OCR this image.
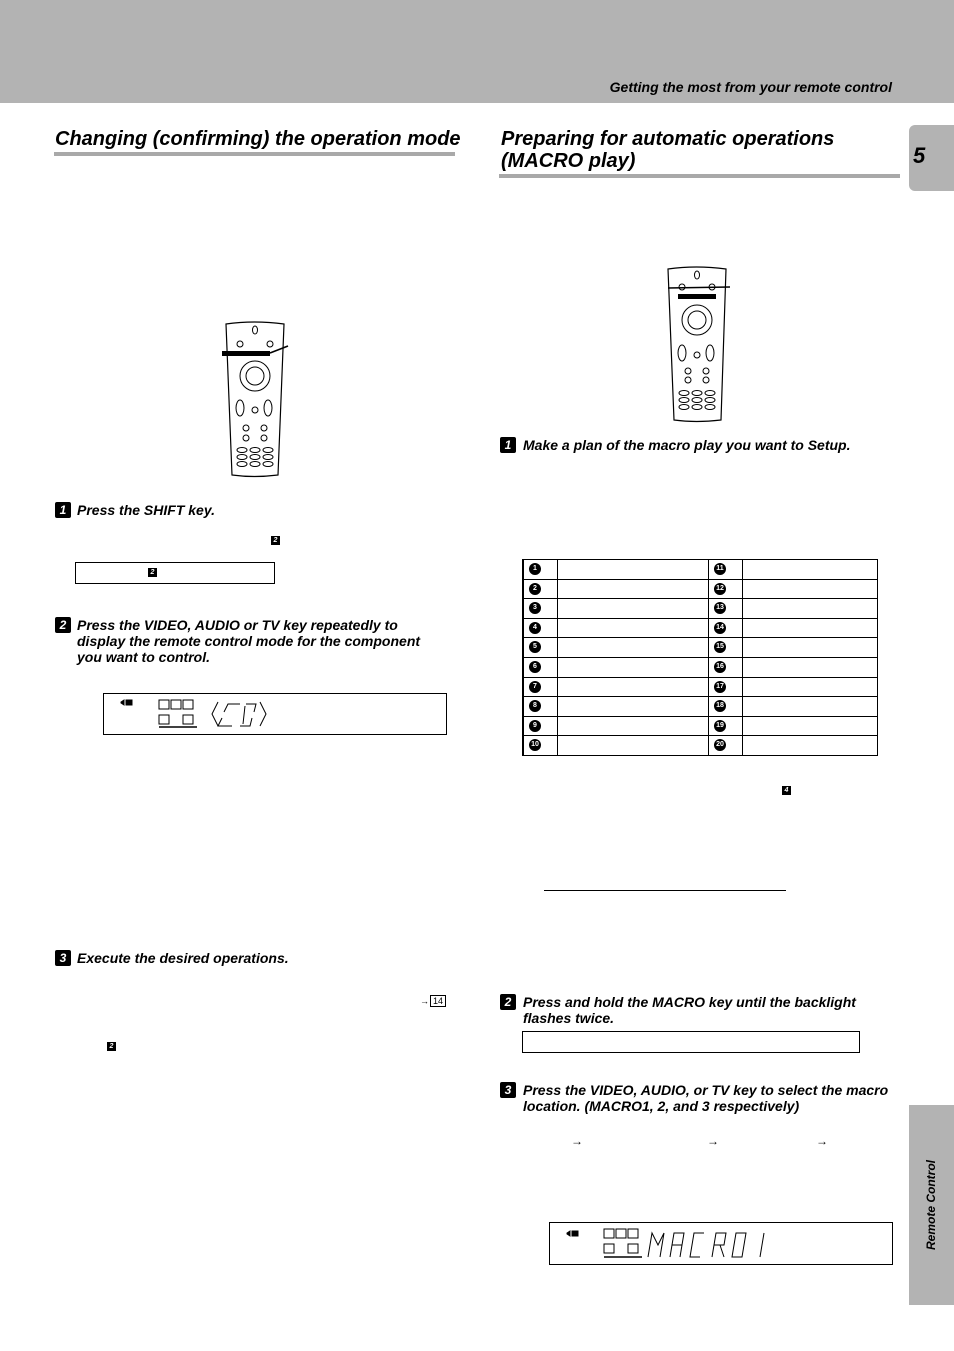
Getting the most from your remote control
5
Remote Control
Changing (confirming) the operation mode
1 Press the SHIFT key.
2
2
2 Press the VIDEO, AUDIO or TV key repeatedly to display the remote control mode for the component you want to control.
3 Execute the desired operations.
→ 14
2
Preparing for automatic operations
(MACRO play)
1 Make a plan of the macro play you want to Setup.
1		11	
2		12	
3		13	
4		14	
5		15	
6		16	
7		17	
8		18	
9		19	
10		20	
4
2 Press and hold the MACRO key until the backlight flashes twice.
3 Press the VIDEO, AUDIO, or TV key to select the macro location. (MACRO1, 2, and 3 respectively)
→	→	→
